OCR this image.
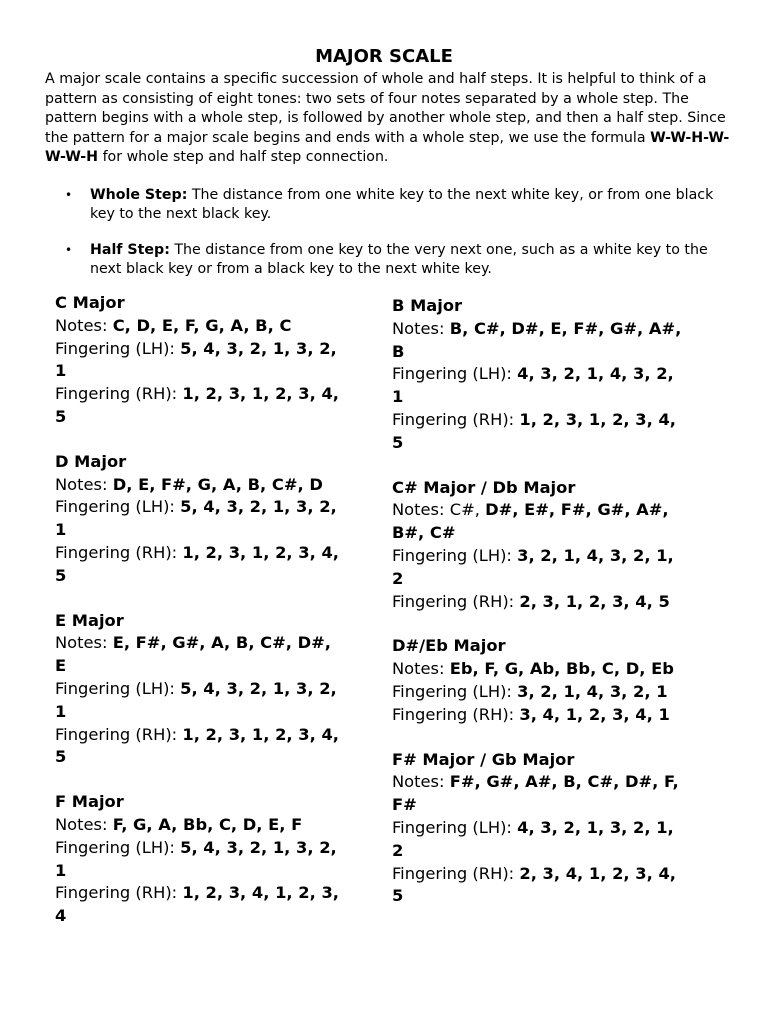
MAJOR SCALE
A major scale contains a specific succession of whole and half steps. It is helpful to think of a pattern as consisting of eight tones: two sets of four notes separated by a whole step. The pattern begins with a whole step, is followed by another whole step, and then a half step. Since the pattern for a major scale begins and ends with a whole step, we use the formula W-W-H-W-W-W-H for whole step and half step connection.
• Whole Step: The distance from one white key to the next white key, or from one black key to the next black key.
• Half Step: The distance from one key to the very next one, such as a white key to the next black key or from a black key to the next white key.
C Major
Notes: C, D, E, F, G, A, B, C
Fingering (LH): 5, 4, 3, 2, 1, 3, 2, 1
Fingering (RH): 1, 2, 3, 1, 2, 3, 4, 5
D Major
Notes: D, E, F#, G, A, B, C#, D
Fingering (LH): 5, 4, 3, 2, 1, 3, 2, 1
Fingering (RH): 1, 2, 3, 1, 2, 3, 4, 5
E Major
Notes: E, F#, G#, A, B, C#, D#, E
Fingering (LH): 5, 4, 3, 2, 1, 3, 2, 1
Fingering (RH): 1, 2, 3, 1, 2, 3, 4, 5
F Major
Notes: F, G, A, Bb, C, D, E, F
Fingering (LH): 5, 4, 3, 2, 1, 3, 2, 1
Fingering (RH): 1, 2, 3, 4, 1, 2, 3, 4
B Major
Notes: B, C#, D#, E, F#, G#, A#, B
Fingering (LH): 4, 3, 2, 1, 4, 3, 2, 1
Fingering (RH): 1, 2, 3, 1, 2, 3, 4, 5
C# Major / Db Major
Notes: C#, D#, E#, F#, G#, A#, B#, C#
Fingering (LH): 3, 2, 1, 4, 3, 2, 1, 2
Fingering (RH): 2, 3, 1, 2, 3, 4, 5
D#/Eb Major
Notes: Eb, F, G, Ab, Bb, C, D, Eb
Fingering (LH): 3, 2, 1, 4, 3, 2, 1
Fingering (RH): 3, 4, 1, 2, 3, 4, 1
F# Major / Gb Major
Notes: F#, G#, A#, B, C#, D#, F, F#
Fingering (LH): 4, 3, 2, 1, 3, 2, 1, 2
Fingering (RH): 2, 3, 4, 1, 2, 3, 4, 5
